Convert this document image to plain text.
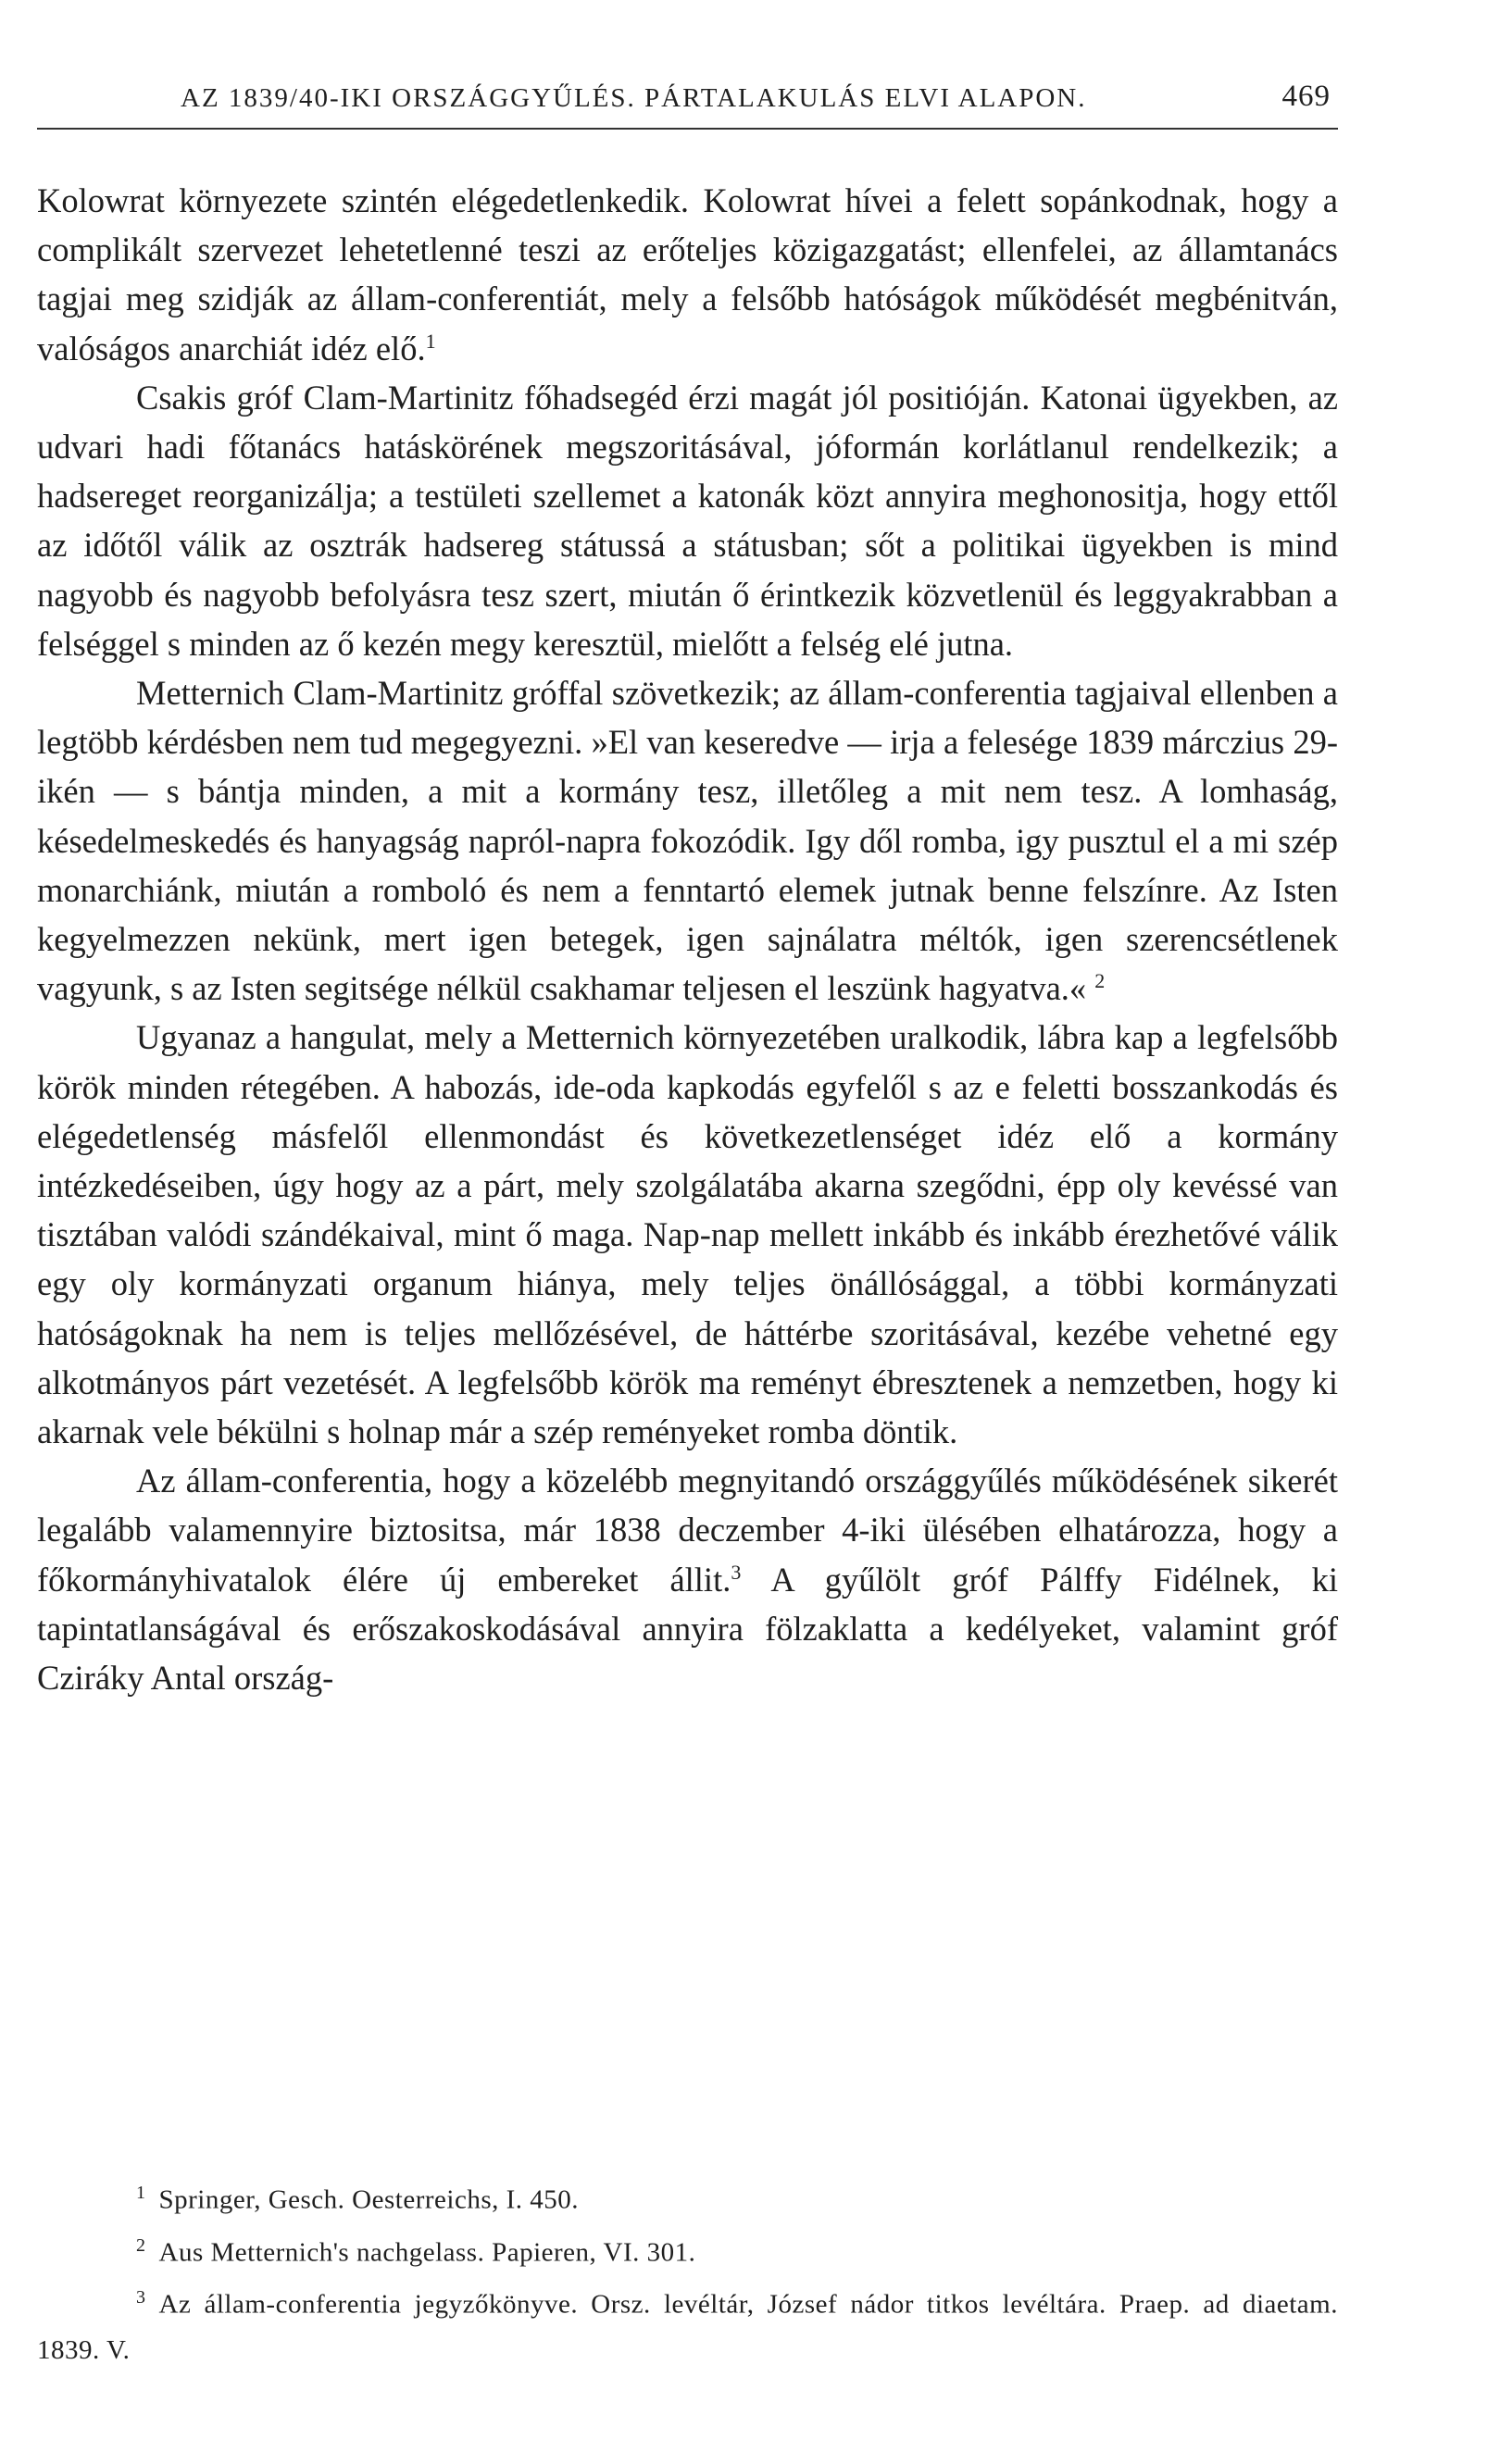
AZ 1839/40-IKI ORSZÁGGYŰLÉS. PÁRTALAKULÁS ELVI ALAPON.	469

Kolowrat környezete szintén elégedetlenkedik. Kolowrat hívei a felett sopánkodnak, hogy a complikált szervezet lehetetlenné teszi az erőteljes közigazgatást; ellenfelei, az államtanács tagjai meg szidják az állam-conferentiát, mely a felsőbb hatóságok működését megbénitván, valóságos anarchiát idéz elő.$^1$

Csakis gróf Clam-Martinitz főhadsegéd érzi magát jól positióján. Katonai ügyekben, az udvari hadi főtanács hatáskörének megszoritásával, jóformán korlátlanul rendelkezik; a hadsereget reorganizálja; a testületi szellemet a katonák közt annyira meghonositja, hogy ettől az időtől válik az osztrák hadsereg státussá a státusban; sőt a politikai ügyekben is mind nagyobb és nagyobb befolyásra tesz szert, miután ő érintkezik közvetlenül és leggyakrabban a felséggel s minden az ő kezén megy keresztül, mielőtt a felség elé jutna.

Metternich Clam-Martinitz gróffal szövetkezik; az állam-conferentia tagjaival ellenben a legtöbb kérdésben nem tud megegyezni. »El van keseredve — irja a felesége 1839 márczius 29-ikén — s bántja minden, a mit a kormány tesz, illetőleg a mit nem tesz. A lomhaság, késedelmeskedés és hanyagság napról-napra fokozódik. Igy dől romba, igy pusztul el a mi szép monarchiánk, miután a romboló és nem a fenntartó elemek jutnak benne felszínre. Az Isten kegyelmezzen nekünk, mert igen betegek, igen sajnálatra méltók, igen szerencsétlenek vagyunk, s az Isten segitsége nélkül csakhamar teljesen el leszünk hagyatva.« $^2$

Ugyanaz a hangulat, mely a Metternich környezetében uralkodik, lábra kap a legfelsőbb körök minden rétegében. A habozás, ide-oda kapkodás egyfelől s az e feletti bosszankodás és elégedetlenség másfelől ellenmondást és következetlenséget idéz elő a kormány intézkedéseiben, úgy hogy az a párt, mely szolgálatába akarna szegődni, épp oly kevéssé van tisztában valódi szándékaival, mint ő maga. Nap-nap mellett inkább és inkább érezhetővé válik egy oly kormányzati organum hiánya, mely teljes önállósággal, a többi kormányzati hatóságoknak ha nem is teljes mellőzésével, de háttérbe szoritásával, kezébe vehetné egy alkotmányos párt vezetését. A legfelsőbb körök ma reményt ébresztenek a nemzetben, hogy ki akarnak vele békülni s holnap már a szép reményeket romba döntik.

Az állam-conferentia, hogy a közelébb megnyitandó országgyűlés működésének sikerét legalább valamennyire biztositsa, már 1838 deczember 4-iki ülésében elhatározza, hogy a főkormányhivatalok élére új embereket állit.$^3$ A gyűlölt gróf Pálffy Fidélnek, ki tapintatlanságával és erőszakoskodásával annyira fölzaklatta a kedélyeket, valamint gróf Cziráky Antal ország-

$^1$ Springer, Gesch. Oesterreichs, I. 450.
$^2$ Aus Metternich's nachgelass. Papieren, VI. 301.
$^3$ Az állam-conferentia jegyzőkönyve. Orsz. levéltár, József nádor titkos levéltára. Praep. ad diaetam. 1839. V.
